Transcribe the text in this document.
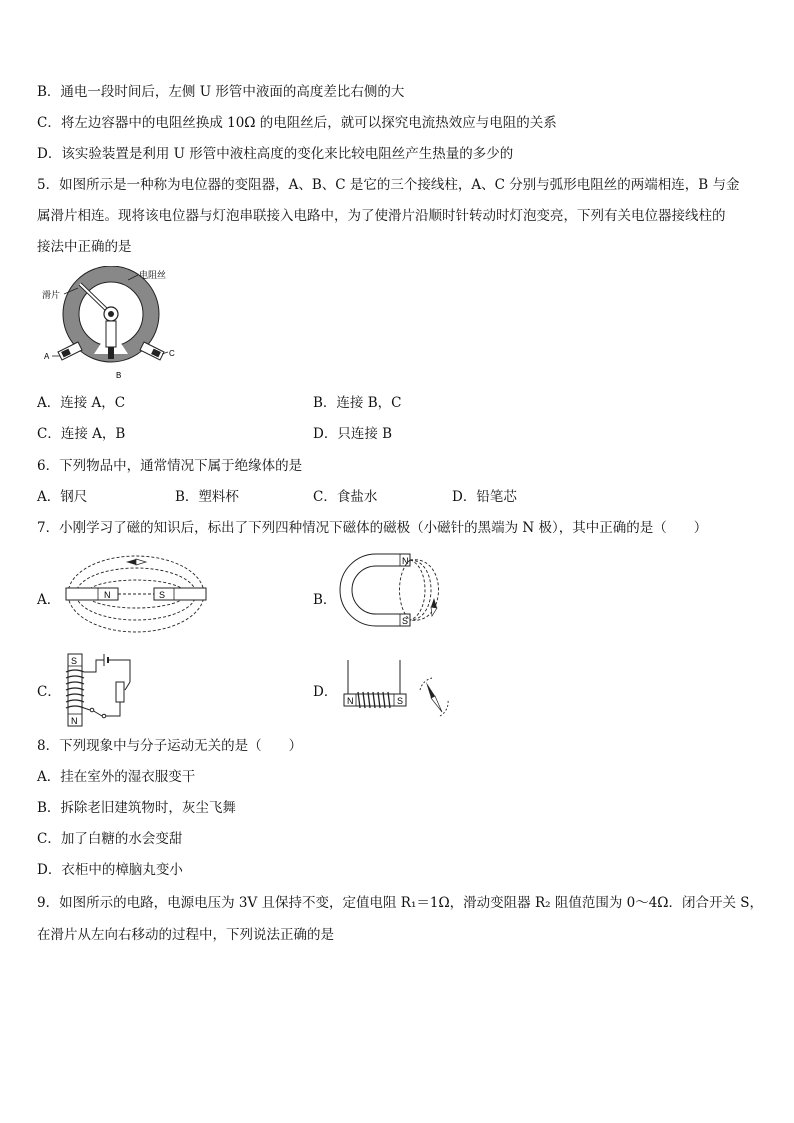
B．通电一段时间后，左侧 U 形管中液面的高度差比右侧的大
C．将左边容器中的电阻丝换成 10Ω 的电阻丝后，就可以探究电流热效应与电阻的关系
D．该实验装置是利用 U 形管中液柱高度的变化来比较电阻丝产生热量的多少的
5．如图所示是一种称为电位器的变阻器，A、B、C 是它的三个接线柱，A、C 分别与弧形电阻丝的两端相连，B 与金
属滑片相连。现将该电位器与灯泡串联接入电路中，为了使滑片沿顺时针转动时灯泡变亮，下列有关电位器接线柱的
接法中正确的是
电阻丝
滑片
A
B
C
A．连接 A，C	B．连接 B，C
C．连接 A，B	D．只连接 B
6．下列物品中，通常情况下属于绝缘体的是
A．钢尺	B．塑料杯	C．食盐水	D．铅笔芯
7．小刚学习了磁的知识后，标出了下列四种情况下磁体的磁极（小磁针的黑端为 N 极），其中正确的是（　　）
A．	N	S	B．
N
S
C．
S
N
D．
N	S
8．下列现象中与分子运动无关的是（　　）
A．挂在室外的湿衣服变干
B．拆除老旧建筑物时，灰尘飞舞
C．加了白糖的水会变甜
D．衣柜中的樟脑丸变小
9．如图所示的电路，电源电压为 3V 且保持不变，定值电阻 R₁＝1Ω，滑动变阻器 R₂ 阻值范围为 0～4Ω．闭合开关 S，
在滑片从左向右移动的过程中，下列说法正确的是
